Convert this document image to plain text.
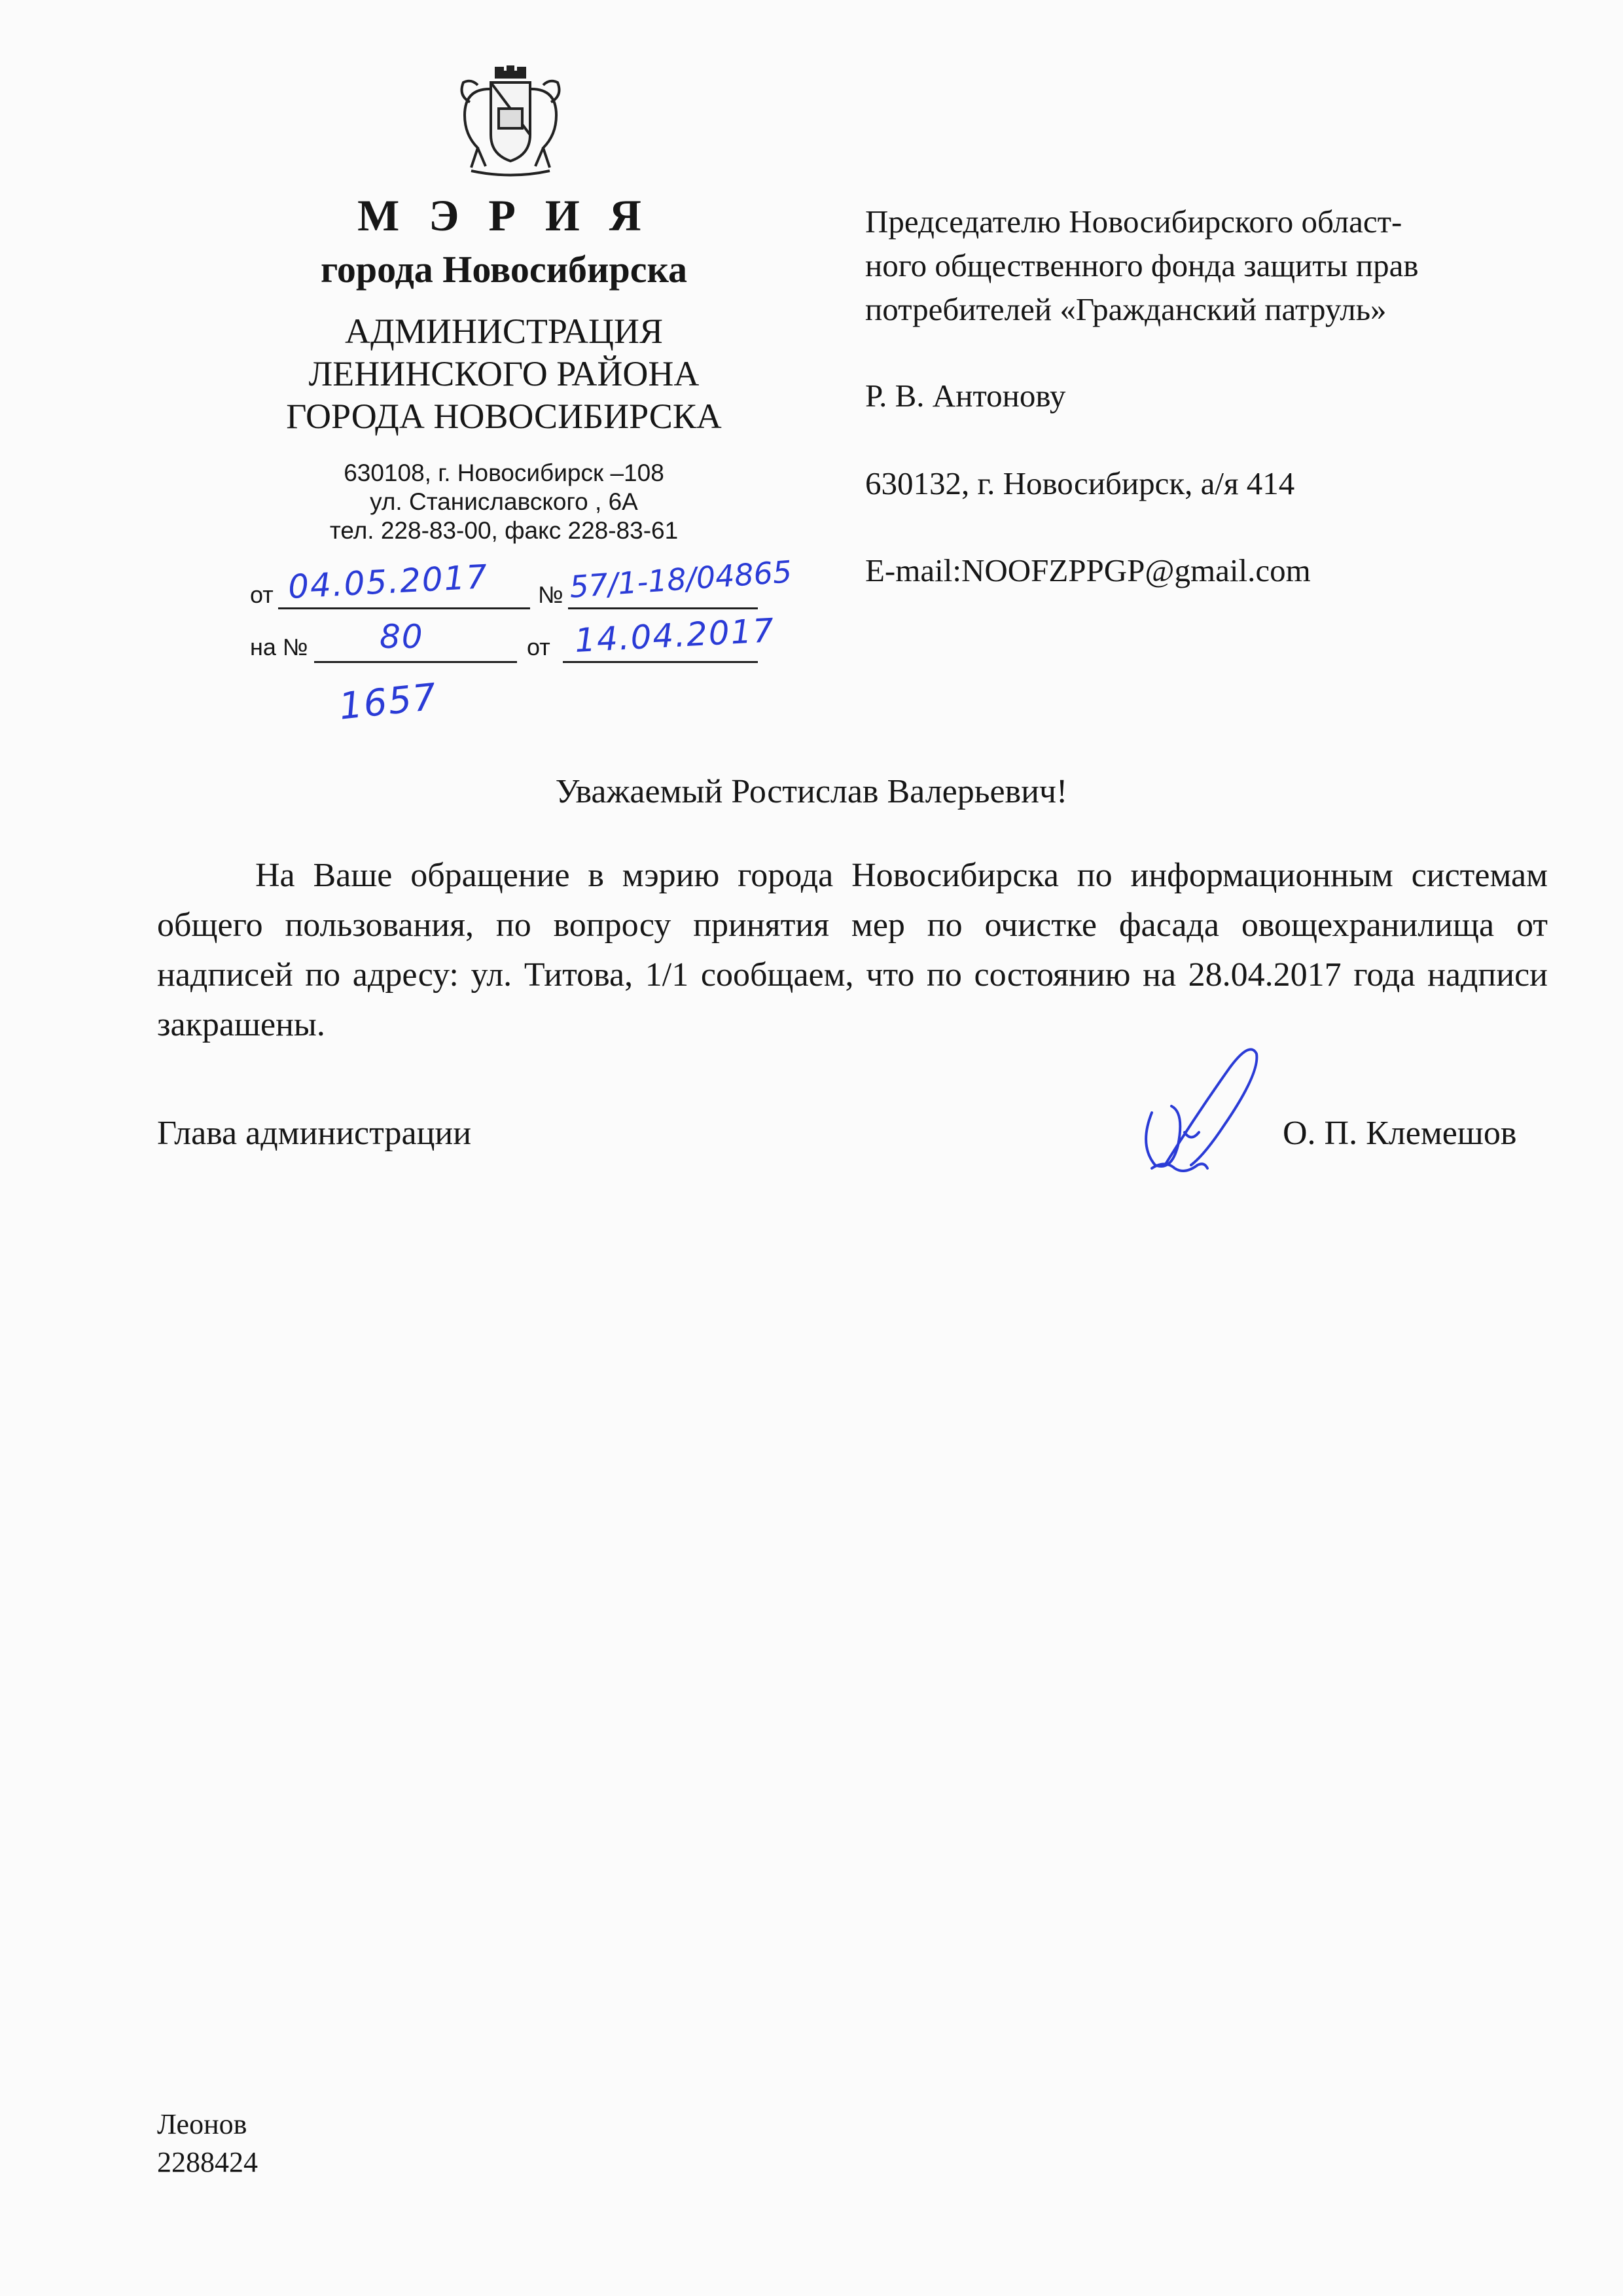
М Э Р И Я
города Новосибирска
АДМИНИСТРАЦИЯ
ЛЕНИНСКОГО РАЙОНА
ГОРОДА НОВОСИБИРСКА
630108, г. Новосибирск –108
ул. Станиславского , 6А
тел. 228-83-00, факс 228-83-61
от 04.05.2017 № 57/1-18/04865
на № 80	от 14.04.2017
1657
Председателю Новосибирского област-
ного общественного фонда защиты прав
потребителей «Гражданский патруль»
Р. В. Антонову
630132, г. Новосибирск, а/я 414
E-mail:NOOFZPPGP@gmail.com
Уважаемый Ростислав Валерьевич!
На Ваше обращение в мэрию города Новосибирска по информационным системам общего пользования, по вопросу принятия мер по очистке фасада овощехранилища от надписей по адресу: ул. Титова, 1/1 сообщаем, что по состоянию на 28.04.2017 года надписи закрашены.
Глава администрации	О. П. Клемешов
Леонов
2288424
